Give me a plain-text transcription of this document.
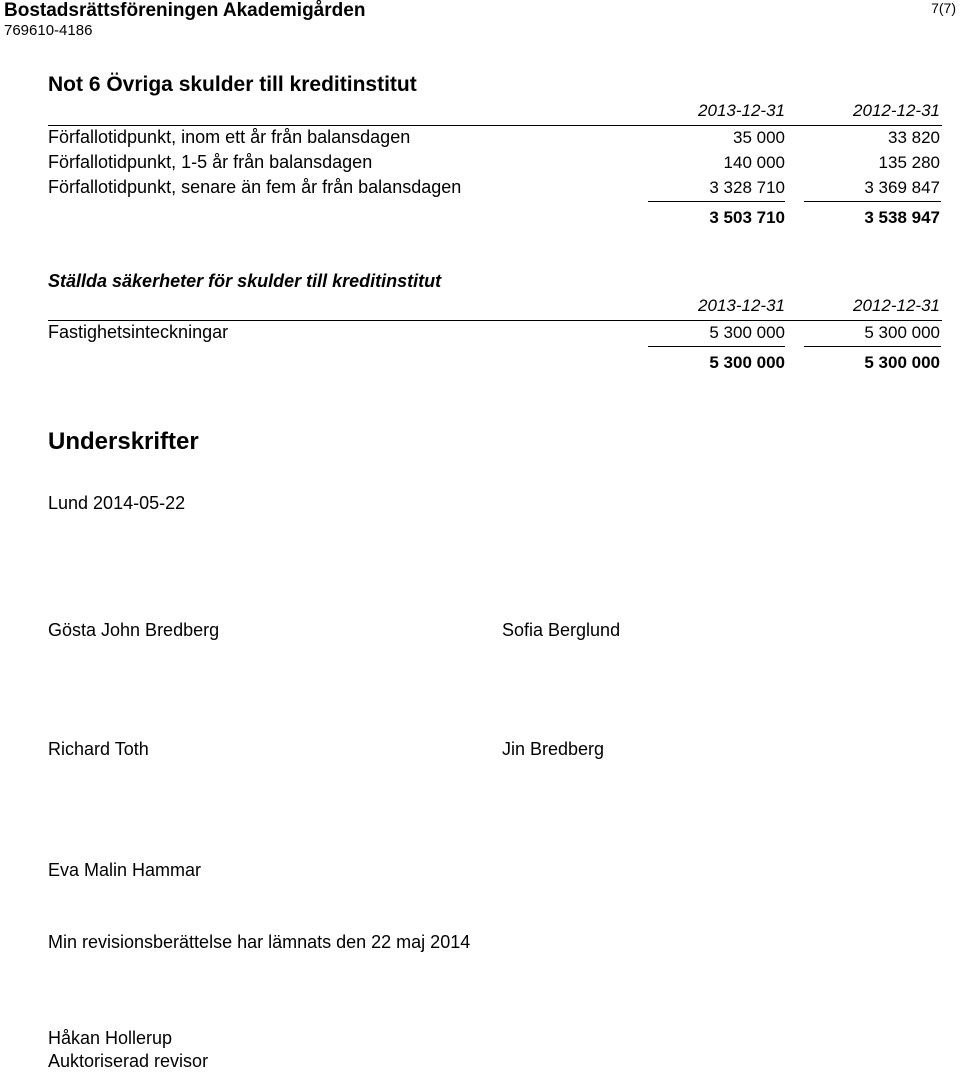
Bostadsrättsföreningen Akademigården
769610-4186
7(7)
Not 6 Övriga skulder till kreditinstitut
2013-12-31	2012-12-31
Förfallotidpunkt, inom ett år från balansdagen	35 000	33 820
Förfallotidpunkt, 1-5 år från balansdagen	140 000	135 280
Förfallotidpunkt, senare än fem år från balansdagen	3 328 710	3 369 847
3 503 710	3 538 947
Ställda säkerheter för skulder till kreditinstitut
2013-12-31	2012-12-31
Fastighetsinteckningar	5 300 000	5 300 000
5 300 000	5 300 000
Underskrifter
Lund 2014-05-22
Gösta John Bredberg	Sofia Berglund
Richard Toth	Jin Bredberg
Eva Malin Hammar
Min revisionsberättelse har lämnats den 22 maj 2014
Håkan Hollerup
Auktoriserad revisor
